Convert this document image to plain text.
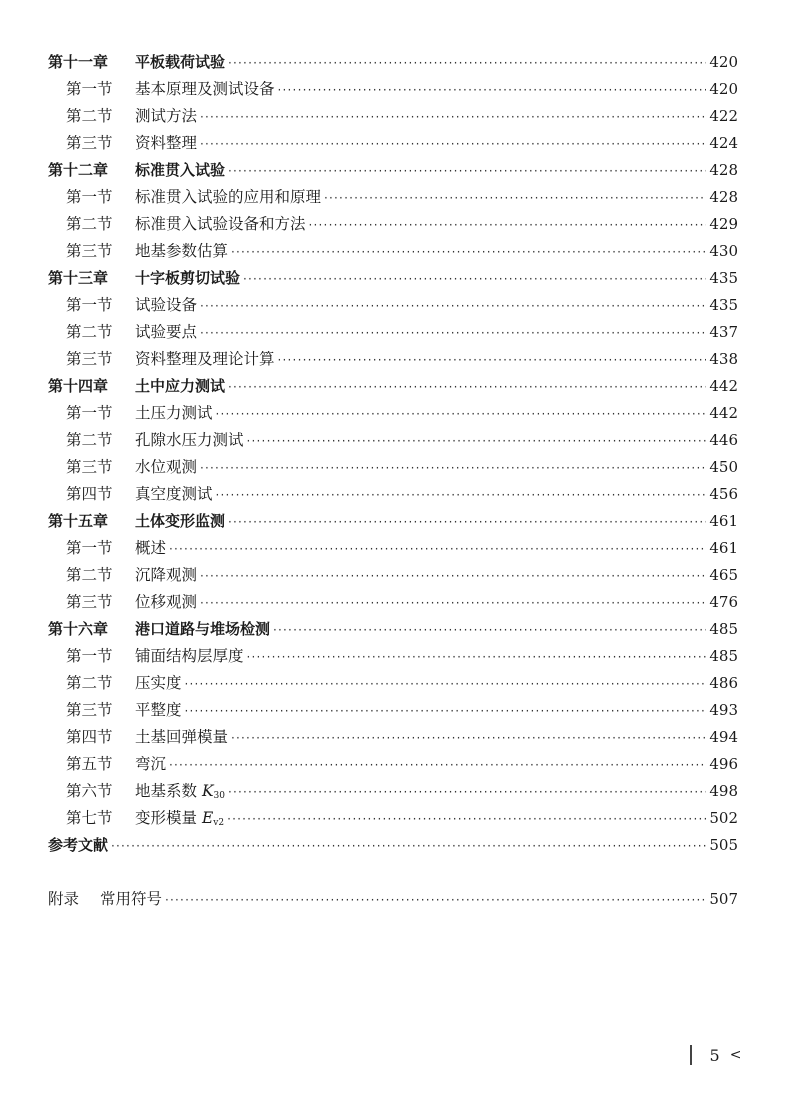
第十一章	平板载荷试验 ·····	420
第一节	基本原理及测试设备 ·····	420
第二节	测试方法 ·····	422
第三节	资料整理 ·····	424
第十二章	标准贯入试验 ·····	428
第一节	标准贯入试验的应用和原理 ·····	428
第二节	标准贯入试验设备和方法 ·····	429
第三节	地基参数估算 ·····	430
第十三章	十字板剪切试验 ·····	435
第一节	试验设备 ·····	435
第二节	试验要点 ·····	437
第三节	资料整理及理论计算 ·····	438
第十四章	土中应力测试 ·····	442
第一节	土压力测试 ·····	442
第二节	孔隙水压力测试 ·····	446
第三节	水位观测 ·····	450
第四节	真空度测试 ·····	456
第十五章	土体变形监测 ·····	461
第一节	概述 ·····	461
第二节	沉降观测 ·····	465
第三节	位移观测 ·····	476
第十六章	港口道路与堆场检测 ·····	485
第一节	铺面结构层厚度 ·····	485
第二节	压实度 ·····	486
第三节	平整度 ·····	493
第四节	土基回弹模量 ·····	494
第五节	弯沉 ·····	496
第六节	地基系数 $K_{30}$ ·····	498
第七节	变形模量 $E_{v2}$ ·····	502
参考文献 ·····	505
附录	常用符号 ·····	507
5 <
